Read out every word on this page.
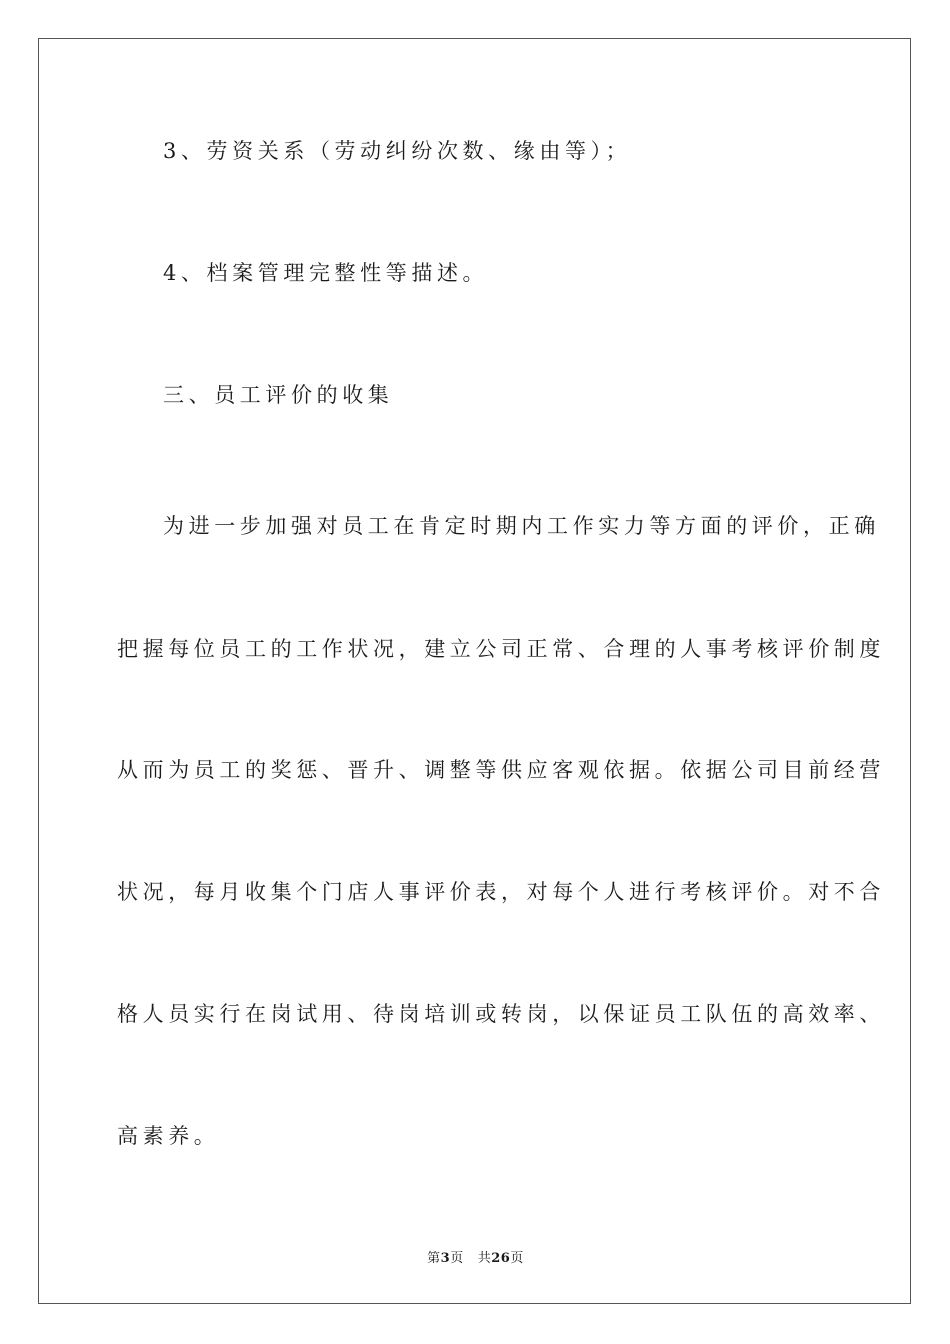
3、劳资关系（劳动纠纷次数、缘由等）；
4、档案管理完整性等描述。
三、员工评价的收集
为进一步加强对员工在肯定时期内工作实力等方面的评价，正确
把握每位员工的工作状况，建立公司正常、合理的人事考核评价制度
从而为员工的奖惩、晋升、调整等供应客观依据。依据公司目前经营
状况，每月收集个门店人事评价表，对每个人进行考核评价。对不合
格人员实行在岗试用、待岗培训或转岗，以保证员工队伍的高效率、
高素养。
第3页 共26页
